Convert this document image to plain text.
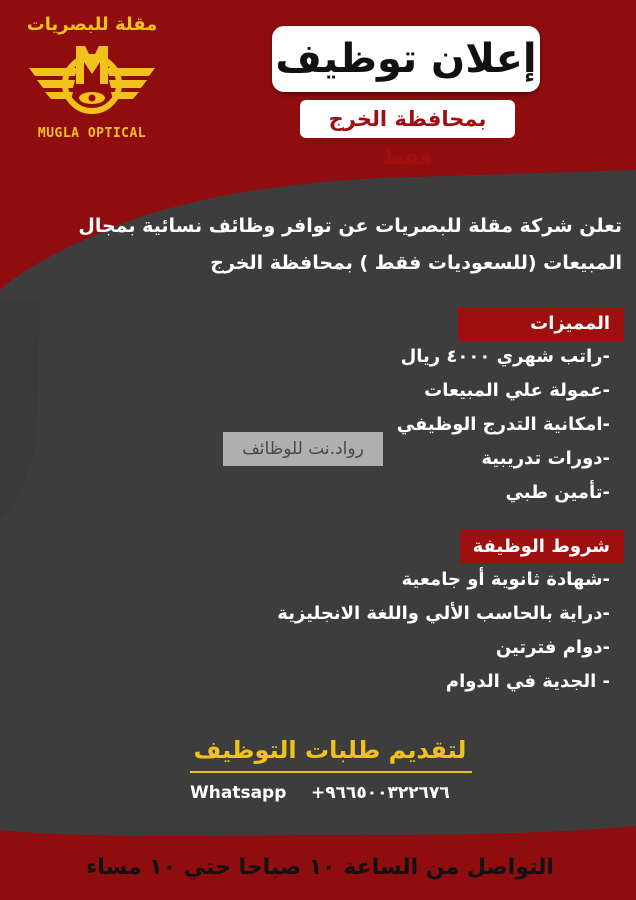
مقلة للبصريات
MUGLA OPTICAL
إعلان توظيف
بمحافظة الخرج فقط
تعلن شركة مقلة للبصريات عن توافر وظائف نسائية بمجال المبيعات (للسعوديات فقط ) بمحافظة الخرج
المميزات
-راتب شهري ٤٠٠٠ ريال
-عمولة علي المبيعات
-امكانية التدرج الوظيفي
-دورات تدريبية
-تأمين طبي
رواد.نت للوظائف
شروط الوظيفة
-شهادة ثانوية أو جامعية
-دراية بالحاسب الألي واللغة الانجليزية
-دوام فترتين
- الجدية في الدوام
لتقديم طلبات التوظيف
Whatsapp +٩٦٦٥٠٠٣٢٢٦٧٦
التواصل من الساعة ١٠ صباحا حتي ١٠ مساء
